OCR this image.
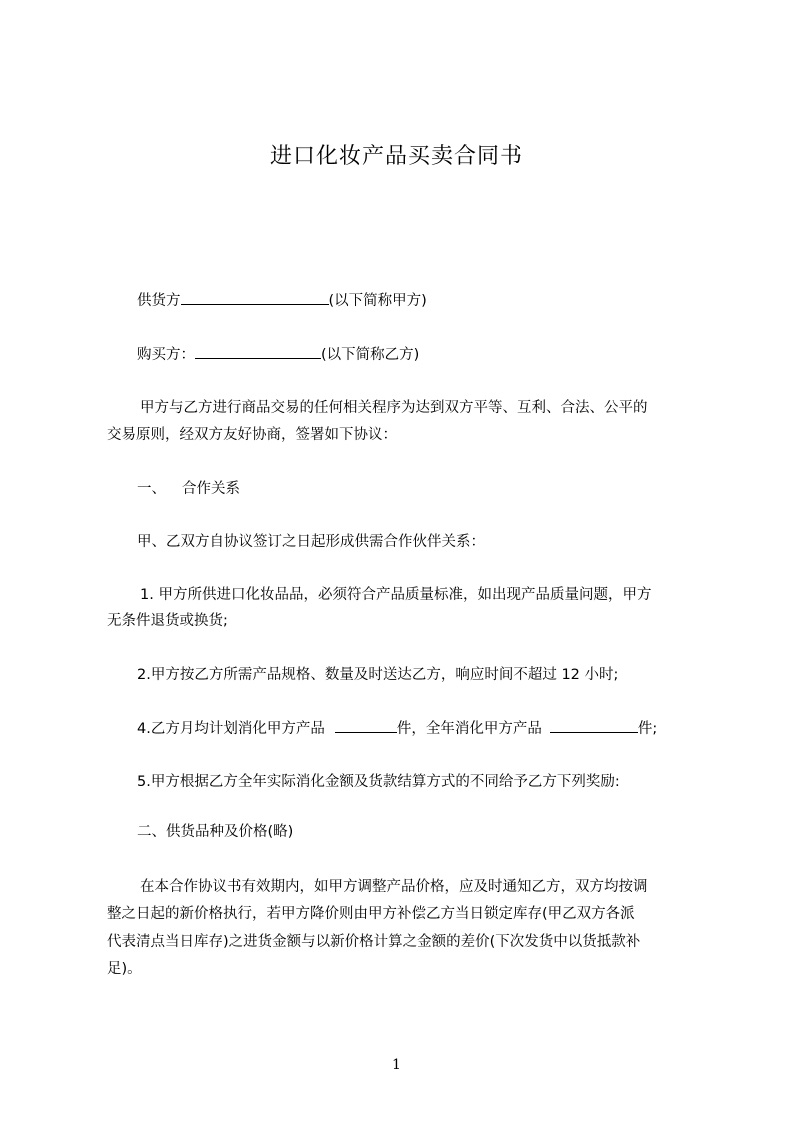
进口化妆产品买卖合同书
供货方	(以下简称甲方)
购买方：	(以下简称乙方)
甲方与乙方进行商品交易的任何相关程序为达到双方平等、互利、合法、公平的
交易原则，经双方友好协商，签署如下协议：
一、 合作关系
甲、乙双方自协议签订之日起形成供需合作伙伴关系：
1. 甲方所供进口化妆品品，必须符合产品质量标准，如出现产品质量问题，甲方
无条件退货或换货;
2.甲方按乙方所需产品规格、数量及时送达乙方，响应时间不超过 12 小时;
4.乙方月均计划消化甲方产品	件，全年消化甲方产品	件;
5.甲方根据乙方全年实际消化金额及货款结算方式的不同给予乙方下列奖励:
二、供货品种及价格(略)
在本合作协议书有效期内，如甲方调整产品价格，应及时通知乙方，双方均按调
整之日起的新价格执行，若甲方降价则由甲方补偿乙方当日锁定库存(甲乙双方各派
代表清点当日库存)之进货金额与以新价格计算之金额的差价(下次发货中以货抵款补
足)。
1
